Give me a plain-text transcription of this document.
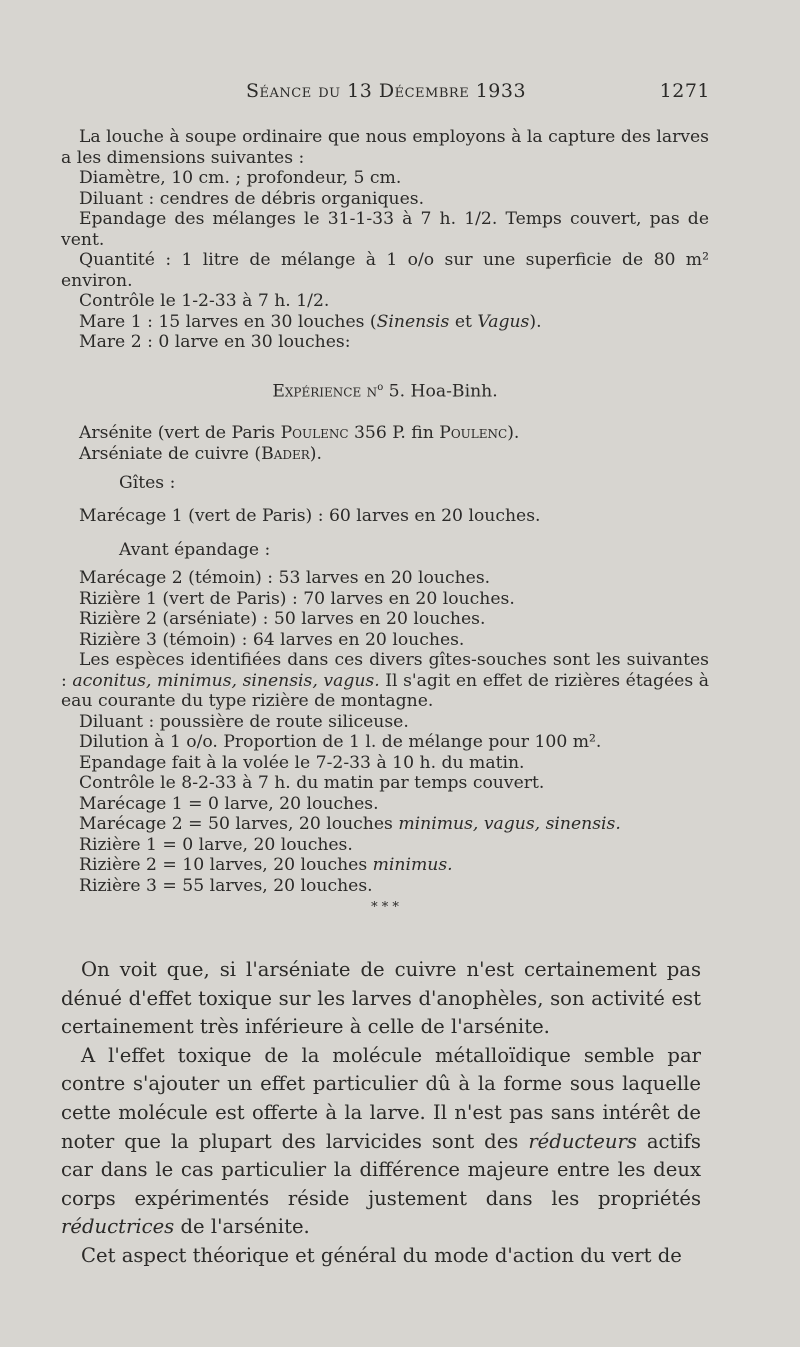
Séance du 13 Décembre 1933	1271

La louche à soupe ordinaire que nous employons à la capture des larves a les dimensions suivantes :

Diamètre, 10 cm. ; profondeur, 5 cm.

Diluant : cendres de débris organiques.

Epandage des mélanges le 31-1-33 à 7 h. 1/2. Temps couvert, pas de vent.

Quantité : 1 litre de mélange à 1 o/o sur une superficie de 80 m² environ.

Contrôle le 1-2-33 à 7 h. 1/2.

Mare 1 : 15 larves en 30 louches (Sinensis et Vagus).

Mare 2 : 0 larve en 30 louches:

Expérience $n^o$ 5. Hoa-Binh.

Arsénite (vert de Paris Poulenc 356 P. fin Poulenc).

Arséniate de cuivre (Bader).

Gîtes :

Marécage 1 (vert de Paris) : 60 larves en 20 louches.

Avant épandage :

Marécage 2 (témoin) : 53 larves en 20 louches.

Rizière 1 (vert de Paris) : 70 larves en 20 louches.

Rizière 2 (arséniate) : 50 larves en 20 louches.

Rizière 3 (témoin) : 64 larves en 20 louches.

Les espèces identifiées dans ces divers gîtes-souches sont les suivantes : aconitus, minimus, sinensis, vagus. Il s'agit en effet de rizières étagées à eau courante du type rizière de montagne.

Diluant : poussière de route siliceuse.

Dilution à 1 o/o. Proportion de 1 l. de mélange pour 100 m².

Epandage fait à la volée le 7-2-33 à 10 h. du matin.

Contrôle le 8-2-33 à 7 h. du matin par temps couvert.

Marécage 1 = 0 larve, 20 louches.

Marécage 2 = 50 larves, 20 louches minimus, vagus, sinensis.

Rizière 1 = 0 larve, 20 louches.

Rizière 2 = 10 larves, 20 louches minimus.

Rizière 3 = 55 larves, 20 louches.

* * *

On voit que, si l'arséniate de cuivre n'est certainement pas dénué d'effet toxique sur les larves d'anophèles, son activité est certainement très inférieure à celle de l'arsénite.

A l'effet toxique de la molécule métalloïdique semble par contre s'ajouter un effet particulier dû à la forme sous laquelle cette molécule est offerte à la larve. Il n'est pas sans intérêt de noter que la plupart des larvicides sont des réducteurs actifs car dans le cas particulier la différence majeure entre les deux corps expérimentés réside justement dans les propriétés réductrices de l'arsénite.

Cet aspect théorique et général du mode d'action du vert de
